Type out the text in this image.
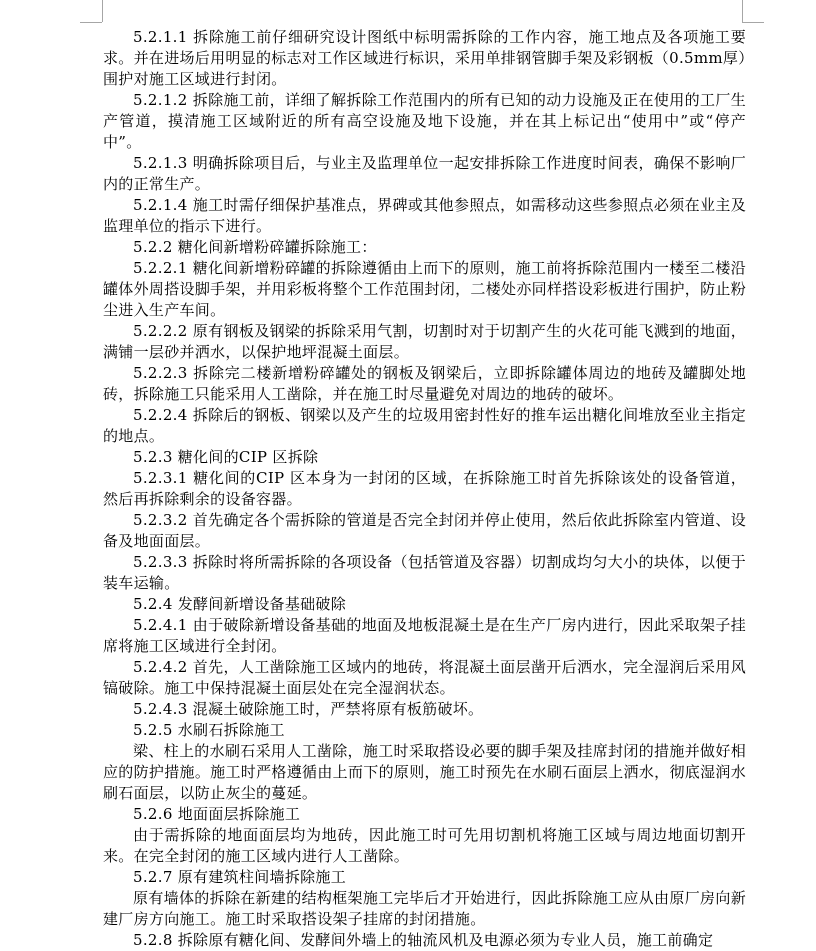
5.2.1.1 拆除施工前仔细研究设计图纸中标明需拆除的工作内容，施工地点及各项施工要求。并在进场后用明显的标志对工作区域进行标识，采用单排钢管脚手架及彩钢板（0.5mm厚）围护对施工区域进行封闭。

5.2.1.2 拆除施工前，详细了解拆除工作范围内的所有已知的动力设施及正在使用的工厂生产管道，摸清施工区域附近的所有高空设施及地下设施，并在其上标记出“使用中”或“停产中”。

5.2.1.3 明确拆除项目后，与业主及监理单位一起安排拆除工作进度时间表，确保不影响厂内的正常生产。

5.2.1.4 施工时需仔细保护基准点，界碑或其他参照点，如需移动这些参照点必须在业主及监理单位的指示下进行。

5.2.2 糖化间新增粉碎罐拆除施工：

5.2.2.1 糖化间新增粉碎罐的拆除遵循由上而下的原则，施工前将拆除范围内一楼至二楼沿罐体外周搭设脚手架，并用彩板将整个工作范围封闭，二楼处亦同样搭设彩板进行围护，防止粉尘进入生产车间。

5.2.2.2 原有钢板及钢梁的拆除采用气割，切割时对于切割产生的火花可能飞溅到的地面，满铺一层砂并洒水，以保护地坪混凝土面层。

5.2.2.3 拆除完二楼新增粉碎罐处的钢板及钢梁后，立即拆除罐体周边的地砖及罐脚处地砖，拆除施工只能采用人工凿除，并在施工时尽量避免对周边的地砖的破坏。

5.2.2.4 拆除后的钢板、钢梁以及产生的垃圾用密封性好的推车运出糖化间堆放至业主指定的地点。

5.2.3 糖化间的CIP 区拆除

5.2.3.1 糖化间的CIP 区本身为一封闭的区域，在拆除施工时首先拆除该处的设备管道，然后再拆除剩余的设备容器。

5.2.3.2 首先确定各个需拆除的管道是否完全封闭并停止使用，然后依此拆除室内管道、设备及地面面层。

5.2.3.3 拆除时将所需拆除的各项设备（包括管道及容器）切割成均匀大小的块体，以便于装车运输。

5.2.4 发酵间新增设备基础破除

5.2.4.1 由于破除新增设备基础的地面及地板混凝土是在生产厂房内进行，因此采取架子挂席将施工区域进行全封闭。

5.2.4.2 首先，人工凿除施工区域内的地砖，将混凝土面层凿开后洒水，完全湿润后采用风镐破除。施工中保持混凝土面层处在完全湿润状态。

5.2.4.3 混凝土破除施工时，严禁将原有板筋破坏。

5.2.5 水刷石拆除施工

梁、柱上的水刷石采用人工凿除，施工时采取搭设必要的脚手架及挂席封闭的措施并做好相应的防护措施。施工时严格遵循由上而下的原则，施工时预先在水刷石面层上洒水，彻底湿润水刷石面层，以防止灰尘的蔓延。

5.2.6 地面面层拆除施工

由于需拆除的地面面层均为地砖，因此施工时可先用切割机将施工区域与周边地面切割开来。在完全封闭的施工区域内进行人工凿除。

5.2.7 原有建筑柱间墙拆除施工

原有墙体的拆除在新建的结构框架施工完毕后才开始进行，因此拆除施工应从由原厂房向新建厂房方向施工。施工时采取搭设架子挂席的封闭措施。

5.2.8 拆除原有糖化间、发酵间外墙上的轴流风机及电源必须为专业人员，施工前确定
